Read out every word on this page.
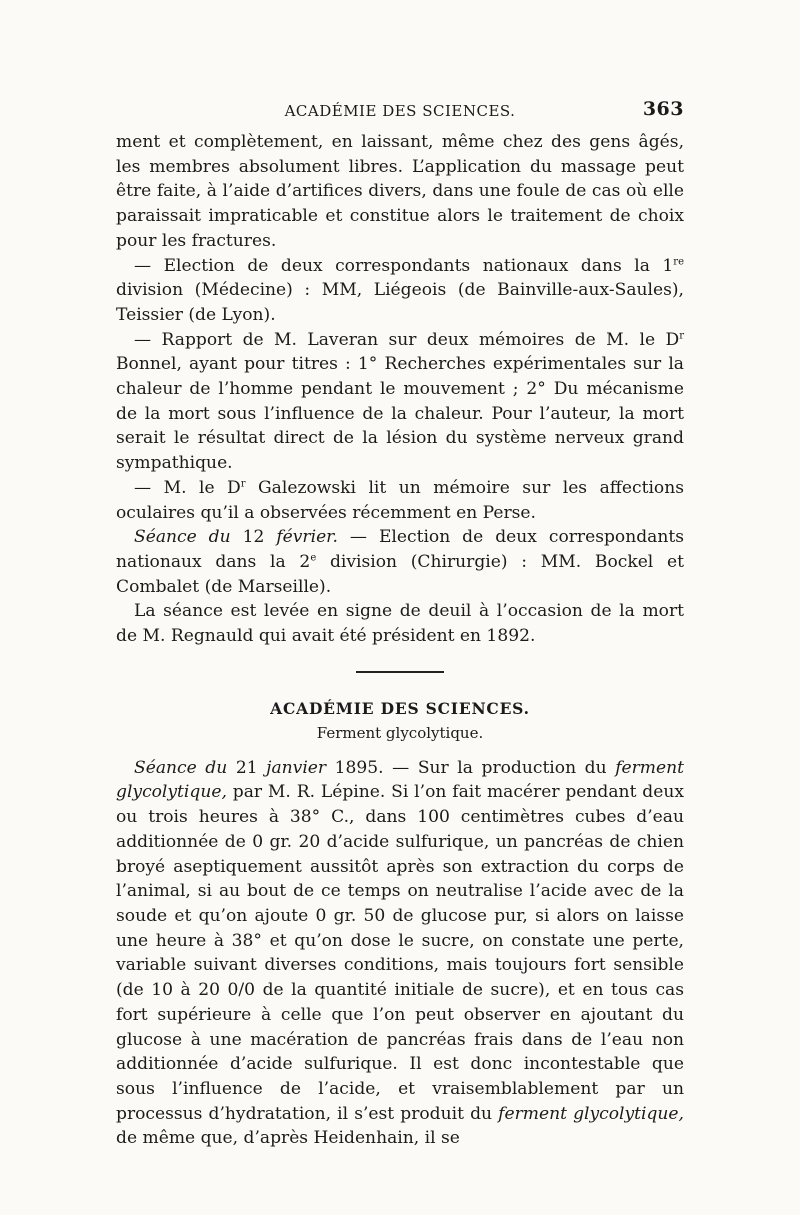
ACADÉMIE DES SCIENCES.	363

ment et complètement, en laissant, même chez des gens âgés, les membres absolument libres. L’application du massage peut être faite, à l’aide d’artifices divers, dans une foule de cas où elle paraissait impraticable et constitue alors le traitement de choix pour les fractures.

— Election de deux correspondants nationaux dans la 1re division (Médecine) : MM, Liégeois (de Bainville-aux-Saules), Teissier (de Lyon).

— Rapport de M. Laveran sur deux mémoires de M. le $D^r$ Bonnel, ayant pour titres : 1° Recherches expérimentales sur la chaleur de l’homme pendant le mouvement ; 2° Du mécanisme de la mort sous l’influence de la chaleur. Pour l’auteur, la mort serait le résultat direct de la lésion du système nerveux grand sympathique.

— M. le $D^r$ Galezowski lit un mémoire sur les affections oculaires qu’il a observées récemment en Perse.

Séance du 12 février. — Election de deux correspondants nationaux dans la 2e division (Chirurgie) : MM. Bockel et Combalet (de Marseille).

La séance est levée en signe de deuil à l’occasion de la mort de M. Regnauld qui avait été président en 1892.

ACADÉMIE DES SCIENCES.
Ferment glycolytique.

Séance du 21 janvier 1895. — Sur la production du ferment glycolytique, par M. R. Lépine. Si l’on fait macérer pendant deux ou trois heures à 38° C., dans 100 centimètres cubes d’eau additionnée de 0 gr. 20 d’acide sulfurique, un pancréas de chien broyé aseptiquement aussitôt après son extraction du corps de l’animal, si au bout de ce temps on neutralise l’acide avec de la soude et qu’on ajoute 0 gr. 50 de glucose pur, si alors on laisse une heure à 38° et qu’on dose le sucre, on constate une perte, variable suivant diverses conditions, mais toujours fort sensible (de 10 à 20 0/0 de la quantité initiale de sucre), et en tous cas fort supérieure à celle que l’on peut observer en ajoutant du glucose à une macération de pancréas frais dans de l’eau non additionnée d’acide sulfurique. Il est donc incontestable que sous l’influence de l’acide, et vraisemblablement par un processus d’hydratation, il s’est produit du ferment glycolytique, de même que, d’après Heidenhain, il se
